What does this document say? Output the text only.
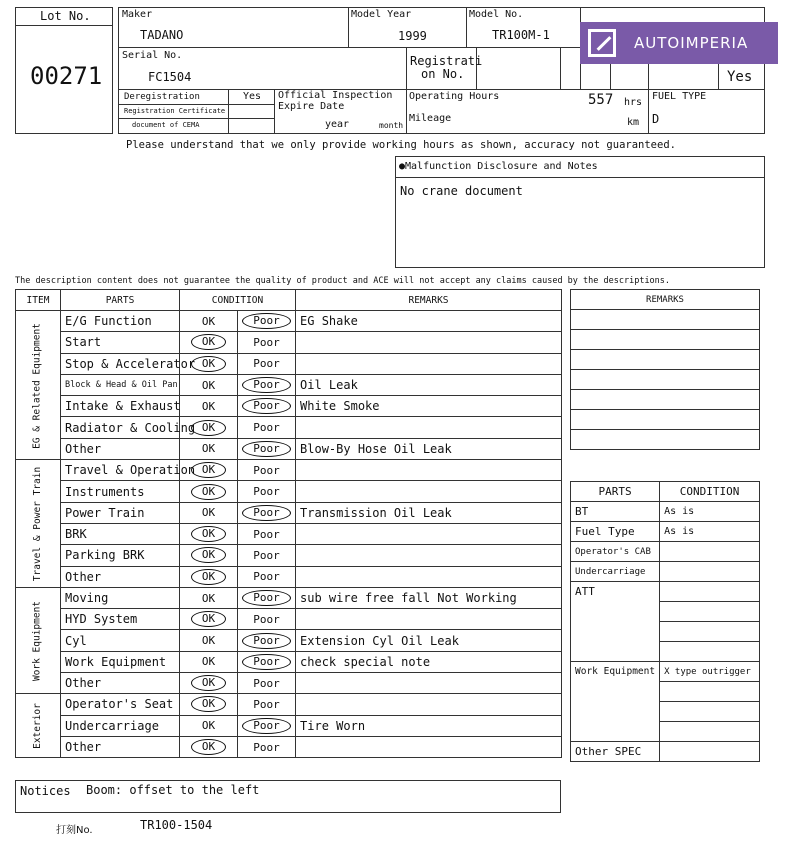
Lot No.
00271
Maker
TADANO
Model Year
1999
Model No.
TR100M-1
Serial No.
FC1504
Registrati
on No.	Yes
Deregistration	Yes
Registration Certificate
document of CEMA
Official Inspection
Expire Date
year	month
Operating Hours	557 hrs
Mileage	km
FUEL TYPE
D
AUTOIMPERIA
Please understand that we only provide working hours as shown, accuracy not guaranteed.
●Malfunction Disclosure and Notes
No crane document
The description content does not guarantee the quality of product and ACE will not accept any claims caused by the descriptions.
ITEM	PARTS	CONDITION		REMARKS

EG & Related Equipment	E/G Function	OK	Poor	EG Shake
	Start	OK	Poor	
	Stop & Accelerator	OK	Poor	
	Block & Head & Oil Pan	OK	Poor	Oil Leak
	Intake & Exhaust	OK	Poor	White Smoke
	Radiator & Cooling	OK	Poor	
	Other	OK	Poor	Blow-By Hose Oil Leak

Travel & Power Train	Travel & Operation	OK	Poor	
	Instruments	OK	Poor	
	Power Train	OK	Poor	Transmission Oil Leak
	BRK	OK	Poor	
	Parking BRK	OK	Poor	
	Other	OK	Poor	

Work Equipment	Moving	OK	Poor	sub wire free fall Not Working
	HYD System	OK	Poor	
	Cyl	OK	Poor	Extension Cyl Oil Leak
	Work Equipment	OK	Poor	check special note
	Other	OK	Poor	

Exterior	Operator's Seat	OK	Poor	
	Undercarriage	OK	Poor	Tire Worn
	Other	OK	Poor	
REMARKS

PARTS	CONDITION
BT	As is
Fuel Type	As is
Operator's CAB	
Undercarriage	
ATT	

Work Equipment	X type outrigger

Other SPEC	
Notices Boom: offset to the left
打刻No.	TR100-1504
